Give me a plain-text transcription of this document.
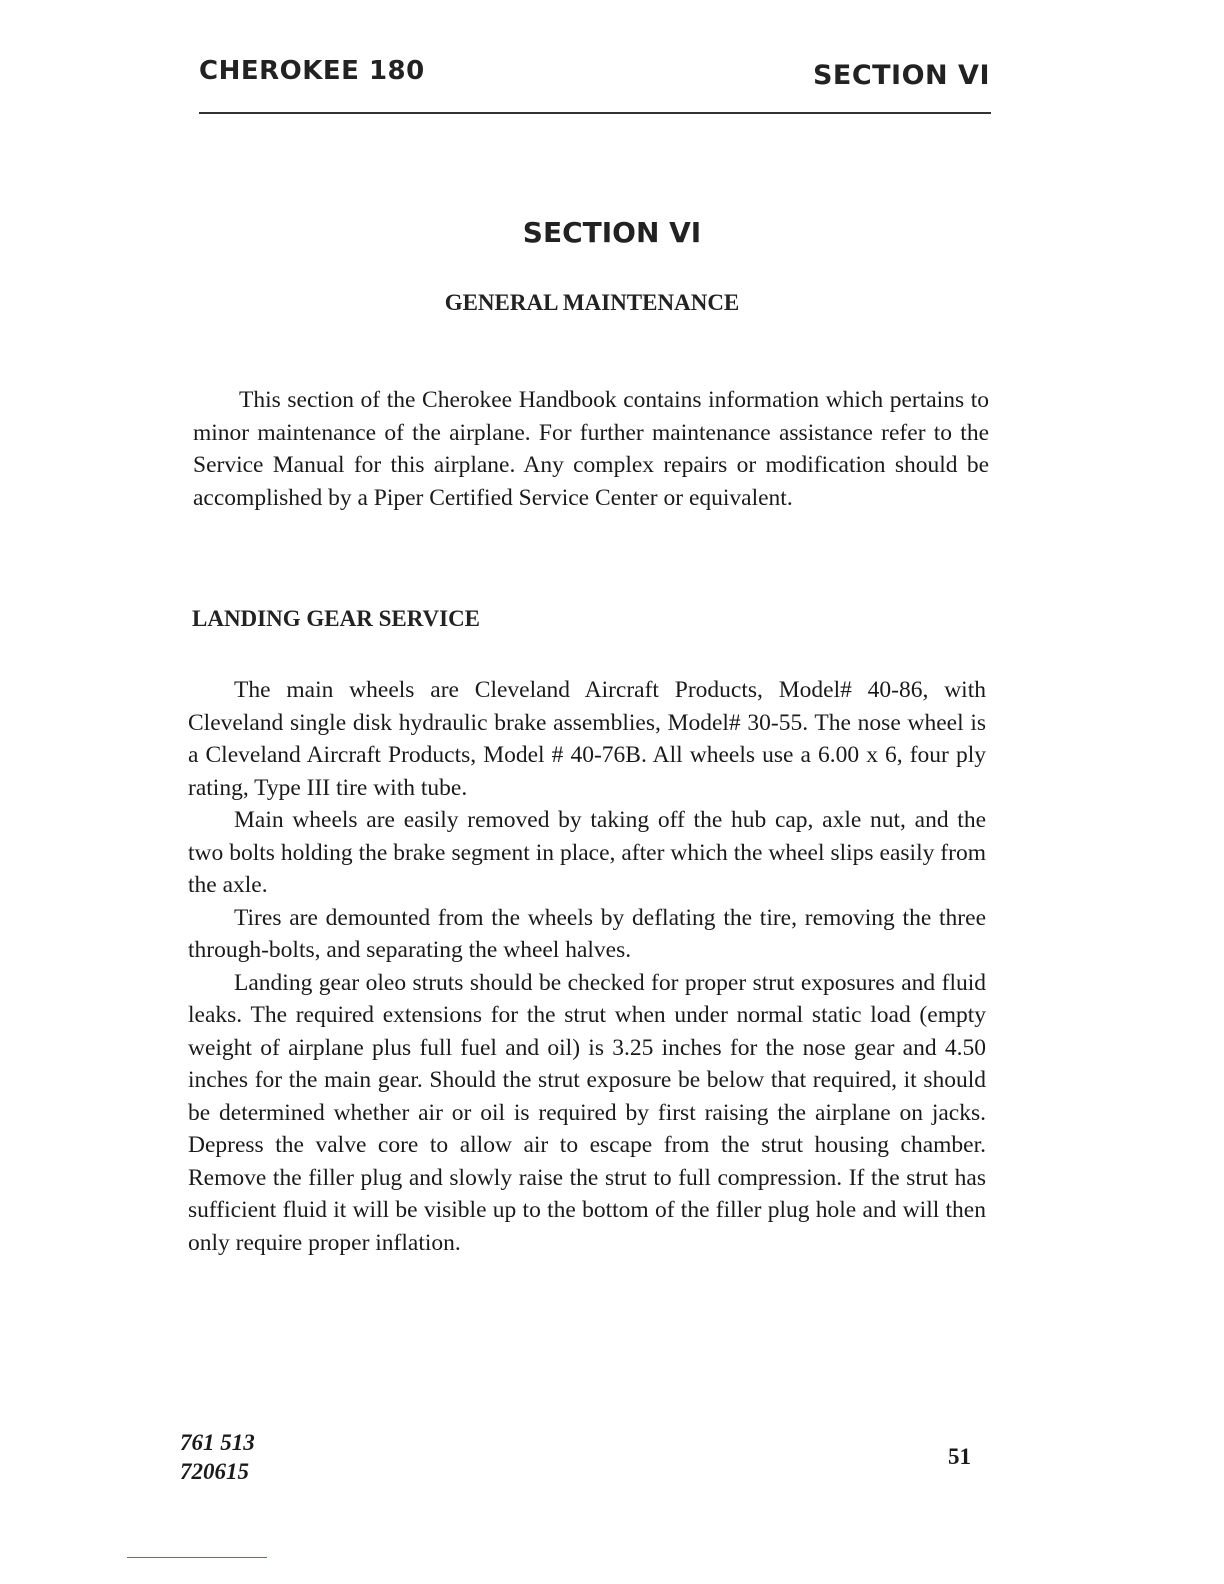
CHEROKEE 180	SECTION VI
SECTION VI
GENERAL MAINTENANCE

This section of the Cherokee Handbook contains information which pertains to minor maintenance of the airplane. For further maintenance assistance refer to the Service Manual for this airplane. Any complex repairs or modification should be accomplished by a Piper Certified Service Center or equivalent.

LANDING GEAR SERVICE

The main wheels are Cleveland Aircraft Products, Model# 40-86, with Cleveland single disk hydraulic brake assemblies, Model# 30-55. The nose wheel is a Cleveland Aircraft Products, Model # 40-76B. All wheels use a 6.00 x 6, four ply rating, Type III tire with tube.

Main wheels are easily removed by taking off the hub cap, axle nut, and the two bolts holding the brake segment in place, after which the wheel slips easily from the axle.

Tires are demounted from the wheels by deflating the tire, removing the three through-bolts, and separating the wheel halves.

Landing gear oleo struts should be checked for proper strut exposures and fluid leaks. The required extensions for the strut when under normal static load (empty weight of airplane plus full fuel and oil) is 3.25 inches for the nose gear and 4.50 inches for the main gear. Should the strut exposure be below that required, it should be determined whether air or oil is required by first raising the airplane on jacks. Depress the valve core to allow air to escape from the strut housing chamber. Remove the filler plug and slowly raise the strut to full compression. If the strut has sufficient fluid it will be visible up to the bottom of the filler plug hole and will then only require proper inflation.

761 513
720615
51
